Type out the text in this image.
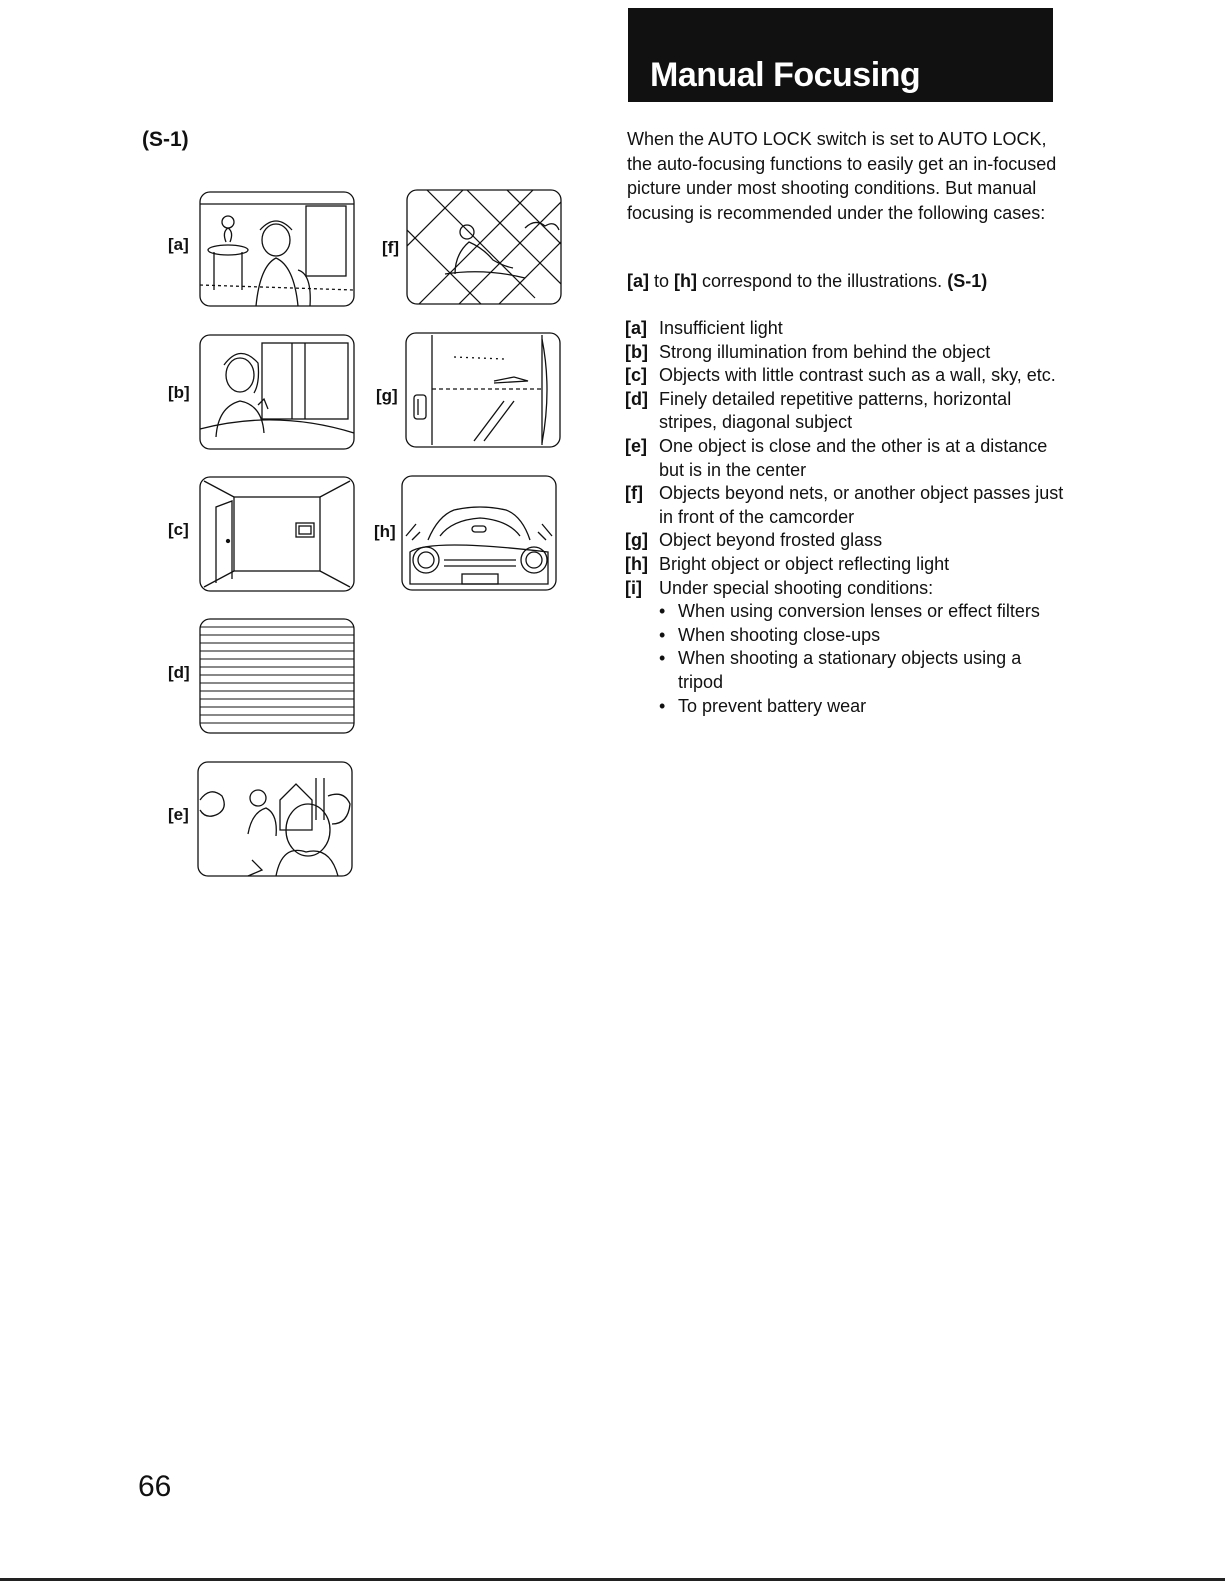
(S-1)
[a]
[b]
[c]
[d]
[e]
[f]
[g]
[h]
Manual Focusing
When the AUTO LOCK switch is set to AUTO LOCK, the auto-focusing functions to easily get an in-focused picture under most shooting conditions. But manual focusing is recommended under the following cases:
[a] to [h] correspond to the illustrations. (S-1)
[a] Insufficient light
[b] Strong illumination from behind the object
[c] Objects with little contrast such as a wall, sky, etc.
[d] Finely detailed repetitive patterns, horizontal stripes, diagonal subject
[e] One object is close and the other is at a distance but is in the center
[f] Objects beyond nets, or another object passes just in front of the camcorder
[g] Object beyond frosted glass
[h] Bright object or object reflecting light
[i] Under special shooting conditions:
• When using conversion lenses or effect filters
• When shooting close-ups
• When shooting a stationary objects using a tripod
• To prevent battery wear
66
